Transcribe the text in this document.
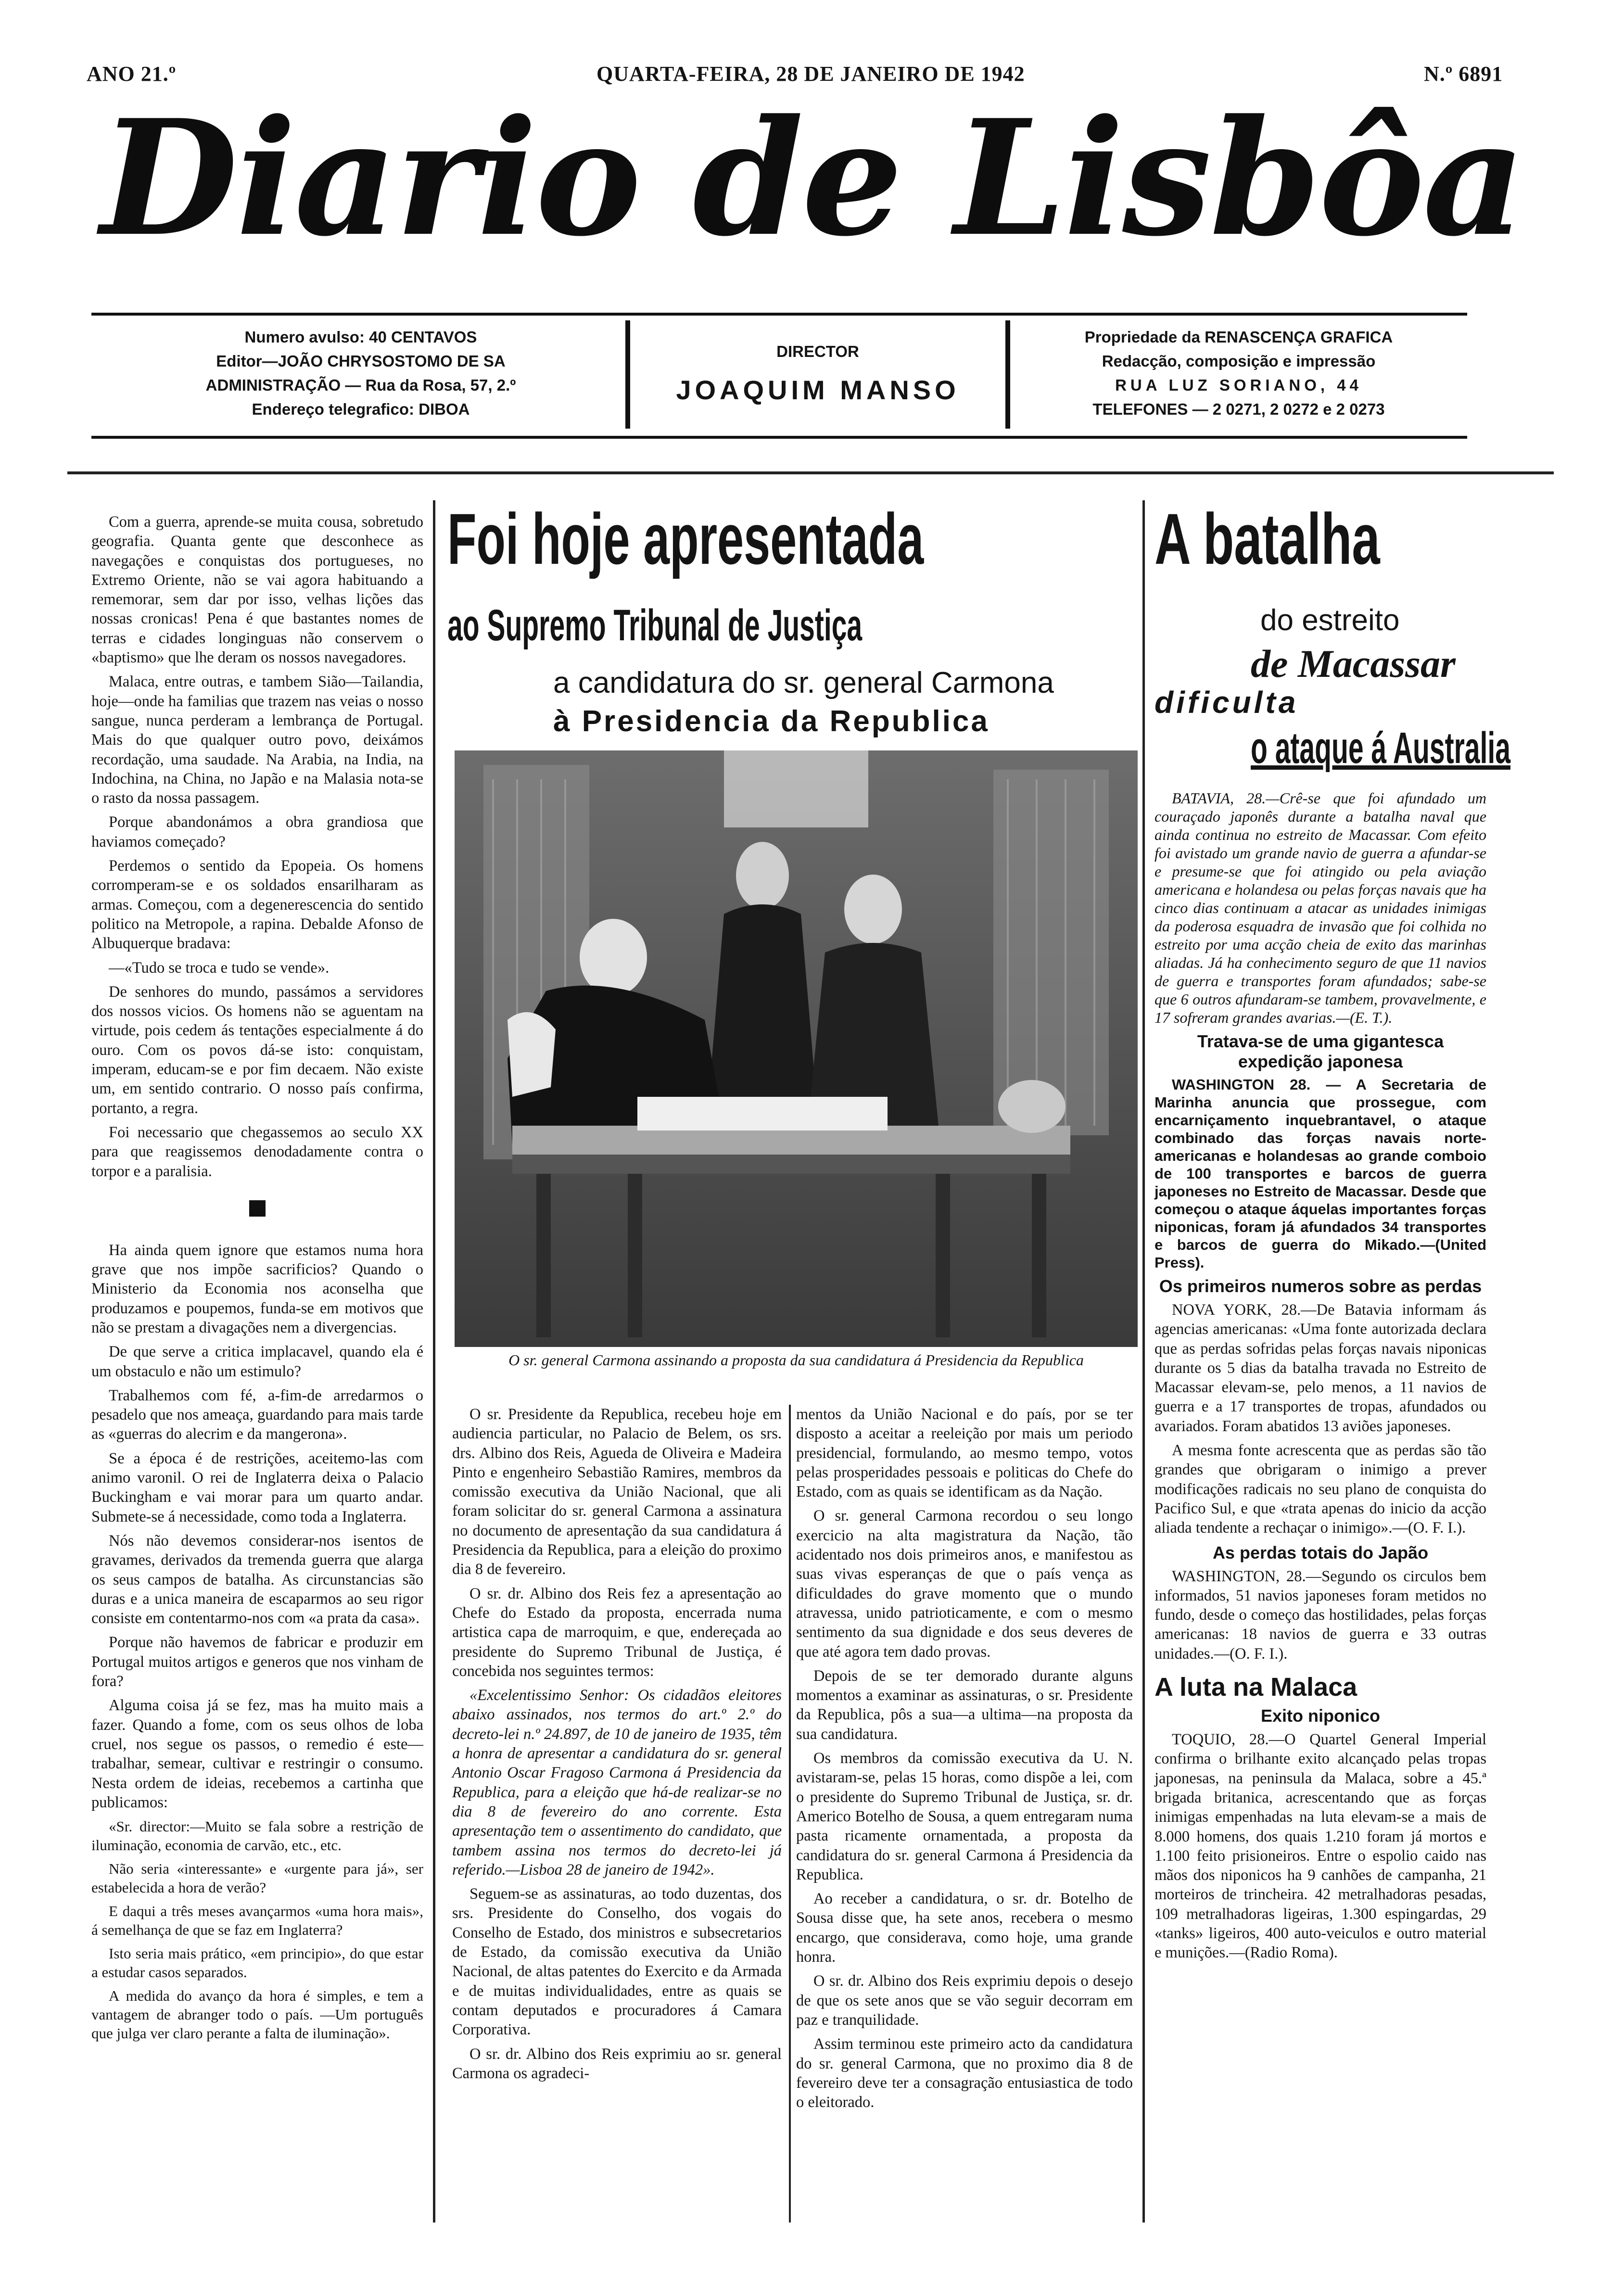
ANO 21.º	QUARTA-FEIRA, 28 DE JANEIRO DE 1942	N.º 6891
Diario de Lisbôa
Numero avulso: 40 CENTAVOS
Editor—JOÃO CHRYSOSTOMO DE SA
ADMINISTRAÇÃO — Rua da Rosa, 57, 2.º
Endereço telegrafico: DIBOA
DIRECTOR
JOAQUIM MANSO
Propriedade da RENASCENÇA GRAFICA
Redacção, composição e impressão
RUA LUZ SORIANO, 44
TELEFONES — 2 0271, 2 0272 e 2 0273

Com a guerra, aprende-se muita cousa, sobretudo geografia. Quanta gente que desconhece as navegações e conquistas dos portugueses, no Extremo Oriente, não se vai agora habituando a rememorar, sem dar por isso, velhas lições das nossas cronicas! Pena é que bastantes nomes de terras e cidades longinguas não conservem o «baptismo» que lhe deram os nossos navegadores.

Malaca, entre outras, e tambem Sião—Tailandia, hoje—onde ha familias que trazem nas veias o nosso sangue, nunca perderam a lembrança de Portugal. Mais do que qualquer outro povo, deixámos recordação, uma saudade. Na Arabia, na India, na Indochina, na China, no Japão e na Malasia nota-se o rasto da nossa passagem.

Porque abandonámos a obra grandiosa que haviamos começado?

Perdemos o sentido da Epopeia. Os homens corromperam-se e os soldados ensarilharam as armas. Começou, com a degenerescencia do sentido politico na Metropole, a rapina. Debalde Afonso de Albuquerque bradava:

—«Tudo se troca e tudo se vende».

De senhores do mundo, passámos a servidores dos nossos vicios. Os homens não se aguentam na virtude, pois cedem ás tentações especialmente á do ouro. Com os povos dá-se isto: conquistam, imperam, educam-se e por fim decaem. Não existe um, em sentido contrario. O nosso país confirma, portanto, a regra.

Foi necessario que chegassemos ao seculo XX para que reagissemos denodadamente contra o torpor e a paralisia.

Ha ainda quem ignore que estamos numa hora grave que nos impõe sacrificios? Quando o Ministerio da Economia nos aconselha que produzamos e poupemos, funda-se em motivos que não se prestam a divagações nem a divergencias.

De que serve a critica implacavel, quando ela é um obstaculo e não um estimulo?

Trabalhemos com fé, a-fim-de arredarmos o pesadelo que nos ameaça, guardando para mais tarde as «guerras do alecrim e da mangerona».

Se a época é de restrições, aceitemo-las com animo varonil. O rei de Inglaterra deixa o Palacio Buckingham e vai morar para um quarto andar. Submete-se á necessidade, como toda a Inglaterra.

Nós não devemos considerar-nos isentos de gravames, derivados da tremenda guerra que alarga os seus campos de batalha. As circunstancias são duras e a unica maneira de escaparmos ao seu rigor consiste em contentarmo-nos com «a prata da casa».

Porque não havemos de fabricar e produzir em Portugal muitos artigos e generos que nos vinham de fora?

Alguma coisa já se fez, mas ha muito mais a fazer. Quando a fome, com os seus olhos de loba cruel, nos segue os passos, o remedio é este—trabalhar, semear, cultivar e restringir o consumo. Nesta ordem de ideias, recebemos a cartinha que publicamos:

«Sr. director:—Muito se fala sobre a restrição de iluminação, economia de carvão, etc., etc.

Não seria «interessante» e «urgente para já», ser estabelecida a hora de verão?

E daqui a três meses avançarmos «uma hora mais», á semelhança de que se faz em Inglaterra?

Isto seria mais prático, «em principio», do que estar a estudar casos separados.

A medida do avanço da hora é simples, e tem a vantagem de abranger todo o país. —Um português que julga ver claro perante a falta de iluminação».

Foi hoje apresentada
ao Supremo Tribunal de Justiça
a candidatura do sr. general Carmona
à Presidencia da Republica
O sr. general Carmona assinando a proposta da sua candidatura á Presidencia da Republica

O sr. Presidente da Republica, recebeu hoje em audiencia particular, no Palacio de Belem, os srs. drs. Albino dos Reis, Agueda de Oliveira e Madeira Pinto e engenheiro Sebastião Ramires, membros da comissão executiva da União Nacional, que ali foram solicitar do sr. general Carmona a assinatura no documento de apresentação da sua candidatura á Presidencia da Republica, para a eleição do proximo dia 8 de fevereiro.

O sr. dr. Albino dos Reis fez a apresentação ao Chefe do Estado da proposta, encerrada numa artistica capa de marroquim, e que, endereçada ao presidente do Supremo Tribunal de Justiça, é concebida nos seguintes termos:

«Excelentissimo Senhor: Os cidadãos eleitores abaixo assinados, nos termos do art.º 2.º do decreto-lei n.º 24.897, de 10 de janeiro de 1935, têm a honra de apresentar a candidatura do sr. general Antonio Oscar Fragoso Carmona á Presidencia da Republica, para a eleição que há-de realizar-se no dia 8 de fevereiro do ano corrente. Esta apresentação tem o assentimento do candidato, que tambem assina nos termos do decreto-lei já referido.—Lisboa 28 de janeiro de 1942».

Seguem-se as assinaturas, ao todo duzentas, dos srs. Presidente do Conselho, dos vogais do Conselho de Estado, dos ministros e subsecretarios de Estado, da comissão executiva da União Nacional, de altas patentes do Exercito e da Armada e de muitas individualidades, entre as quais se contam deputados e procuradores á Camara Corporativa.

O sr. dr. Albino dos Reis exprimiu ao sr. general Carmona os agradeci-

mentos da União Nacional e do país, por se ter disposto a aceitar a reeleição por mais um periodo presidencial, formulando, ao mesmo tempo, votos pelas prosperidades pessoais e politicas do Chefe do Estado, com as quais se identificam as da Nação.

O sr. general Carmona recordou o seu longo exercicio na alta magistratura da Nação, tão acidentado nos dois primeiros anos, e manifestou as suas vivas esperanças de que o país vença as dificuldades do grave momento que o mundo atravessa, unido patrioticamente, e com o mesmo sentimento da sua dignidade e dos seus deveres de que até agora tem dado provas.

Depois de se ter demorado durante alguns momentos a examinar as assinaturas, o sr. Presidente da Republica, pôs a sua—a ultima—na proposta da sua candidatura.

Os membros da comissão executiva da U. N. avistaram-se, pelas 15 horas, como dispõe a lei, com o presidente do Supremo Tribunal de Justiça, sr. dr. Americo Botelho de Sousa, a quem entregaram numa pasta ricamente ornamentada, a proposta da candidatura do sr. general Carmona á Presidencia da Republica.

Ao receber a candidatura, o sr. dr. Botelho de Sousa disse que, ha sete anos, recebera o mesmo encargo, que considerava, como hoje, uma grande honra.

O sr. dr. Albino dos Reis exprimiu depois o desejo de que os sete anos que se vão seguir decorram em paz e tranquilidade.

Assim terminou este primeiro acto da candidatura do sr. general Carmona, que no proximo dia 8 de fevereiro deve ter a consagração entusiastica de todo o eleitorado.

A batalha
do estreito
de Macassar
dificulta
o ataque á Australia

BATAVIA, 28.—Crê-se que foi afundado um couraçado japonês durante a batalha naval que ainda continua no estreito de Macassar. Com efeito foi avistado um grande navio de guerra a afundar-se e presume-se que foi atingido ou pela aviação americana e holandesa ou pelas forças navais que ha cinco dias continuam a atacar as unidades inimigas da poderosa esquadra de invasão que foi colhida no estreito por uma acção cheia de exito das marinhas aliadas. Já ha conhecimento seguro de que 11 navios de guerra e transportes foram afundados; sabe-se que 6 outros afundaram-se tambem, provavelmente, e 17 sofreram grandes avarias.—(E. T.).

Tratava-se de uma gigantesca expedição japonesa

WASHINGTON 28. — A Secretaria de Marinha anuncia que prossegue, com encarniçamento inquebrantavel, o ataque combinado das forças navais norte-americanas e holandesas ao grande comboio de 100 transportes e barcos de guerra japoneses no Estreito de Macassar. Desde que começou o ataque áquelas importantes forças niponicas, foram já afundados 34 transportes e barcos de guerra do Mikado.—(United Press).

Os primeiros numeros sobre as perdas

NOVA YORK, 28.—De Batavia informam ás agencias americanas: «Uma fonte autorizada declara que as perdas sofridas pelas forças navais niponicas durante os 5 dias da batalha travada no Estreito de Macassar elevam-se, pelo menos, a 11 navios de guerra e a 17 transportes de tropas, afundados ou avariados. Foram abatidos 13 aviões japoneses.

A mesma fonte acrescenta que as perdas são tão grandes que obrigaram o inimigo a prever modificações radicais no seu plano de conquista do Pacifico Sul, e que «trata apenas do inicio da acção aliada tendente a rechaçar o inimigo».—(O. F. I.).

As perdas totais do Japão

WASHINGTON, 28.—Segundo os circulos bem informados, 51 navios japoneses foram metidos no fundo, desde o começo das hostilidades, pelas forças americanas: 18 navios de guerra e 33 outras unidades.—(O. F. I.).

A luta na Malaca
Exito niponico

TOQUIO, 28.—O Quartel General Imperial confirma o brilhante exito alcançado pelas tropas japonesas, na peninsula da Malaca, sobre a 45.ª brigada britanica, acrescentando que as forças inimigas empenhadas na luta elevam-se a mais de 8.000 homens, dos quais 1.210 foram já mortos e 1.100 feito prisioneiros. Entre o espolio caido nas mãos dos niponicos ha 9 canhões de campanha, 21 morteiros de trincheira. 42 metralhadoras pesadas, 109 metralhadoras ligeiras, 1.300 espingardas, 29 «tanks» ligeiros, 400 auto-veiculos e outro material e munições.—(Radio Roma).
